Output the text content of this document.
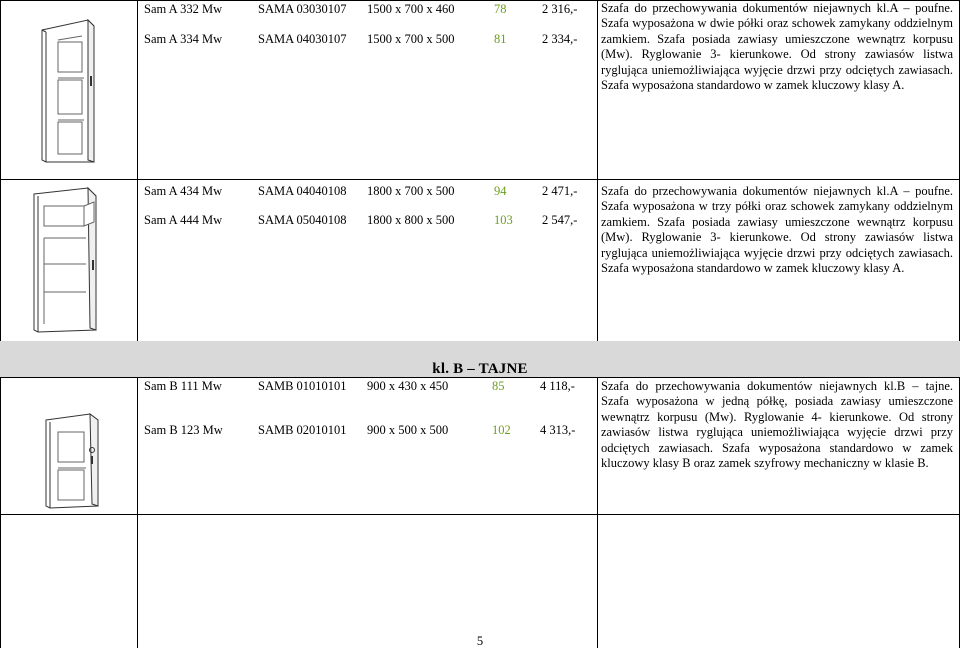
kl. B – TAJNE
Sam A 332 Mw
Sam A 334 Mw
SAMA 03030107
SAMA 04030107
1500 x 700 x 460
1500 x 700 x 500
78
81
2 316,-
2 334,-
Szafa do przechowywania dokumentów niejawnych kl.A – poufne. Szafa wyposażona w dwie półki oraz schowek zamykany oddzielnym zamkiem. Szafa posiada zawiasy umieszczone wewnątrz korpusu (Mw). Ryglowanie 3- kierunkowe. Od strony zawiasów listwa ryglująca uniemożliwiająca wyjęcie drzwi przy odciętych zawiasach. Szafa wyposażona standardowo w zamek kluczowy klasy A.
Sam A 434 Mw
Sam A 444 Mw
SAMA 04040108
SAMA 05040108
1800 x 700 x 500
1800 x 800 x 500
94
103
2 471,-
2 547,-
Szafa do przechowywania dokumentów niejawnych kl.A – poufne. Szafa wyposażona w trzy półki oraz schowek zamykany oddzielnym zamkiem. Szafa posiada zawiasy umieszczone wewnątrz korpusu (Mw). Ryglowanie 3- kierunkowe. Od strony zawiasów listwa ryglująca uniemożliwiająca wyjęcie drzwi przy odciętych zawiasach. Szafa wyposażona standardowo w zamek kluczowy klasy A.
Sam B 111 Mw
Sam B 123 Mw
SAMB 01010101
SAMB 02010101
900 x 430 x 450
900 x 500 x 500
85
102
4 118,-
4 313,-
Szafa do przechowywania dokumentów niejawnych kl.B – tajne. Szafa wyposażona w jedną półkę, posiada zawiasy umieszczone wewnątrz korpusu (Mw). Ryglowanie 4- kierunkowe. Od strony zawiasów listwa ryglująca uniemożliwiająca wyjęcie drzwi przy odciętych zawiasach. Szafa wyposażona standardowo w zamek kluczowy klasy B oraz zamek szyfrowy mechaniczny w klasie B.
5
